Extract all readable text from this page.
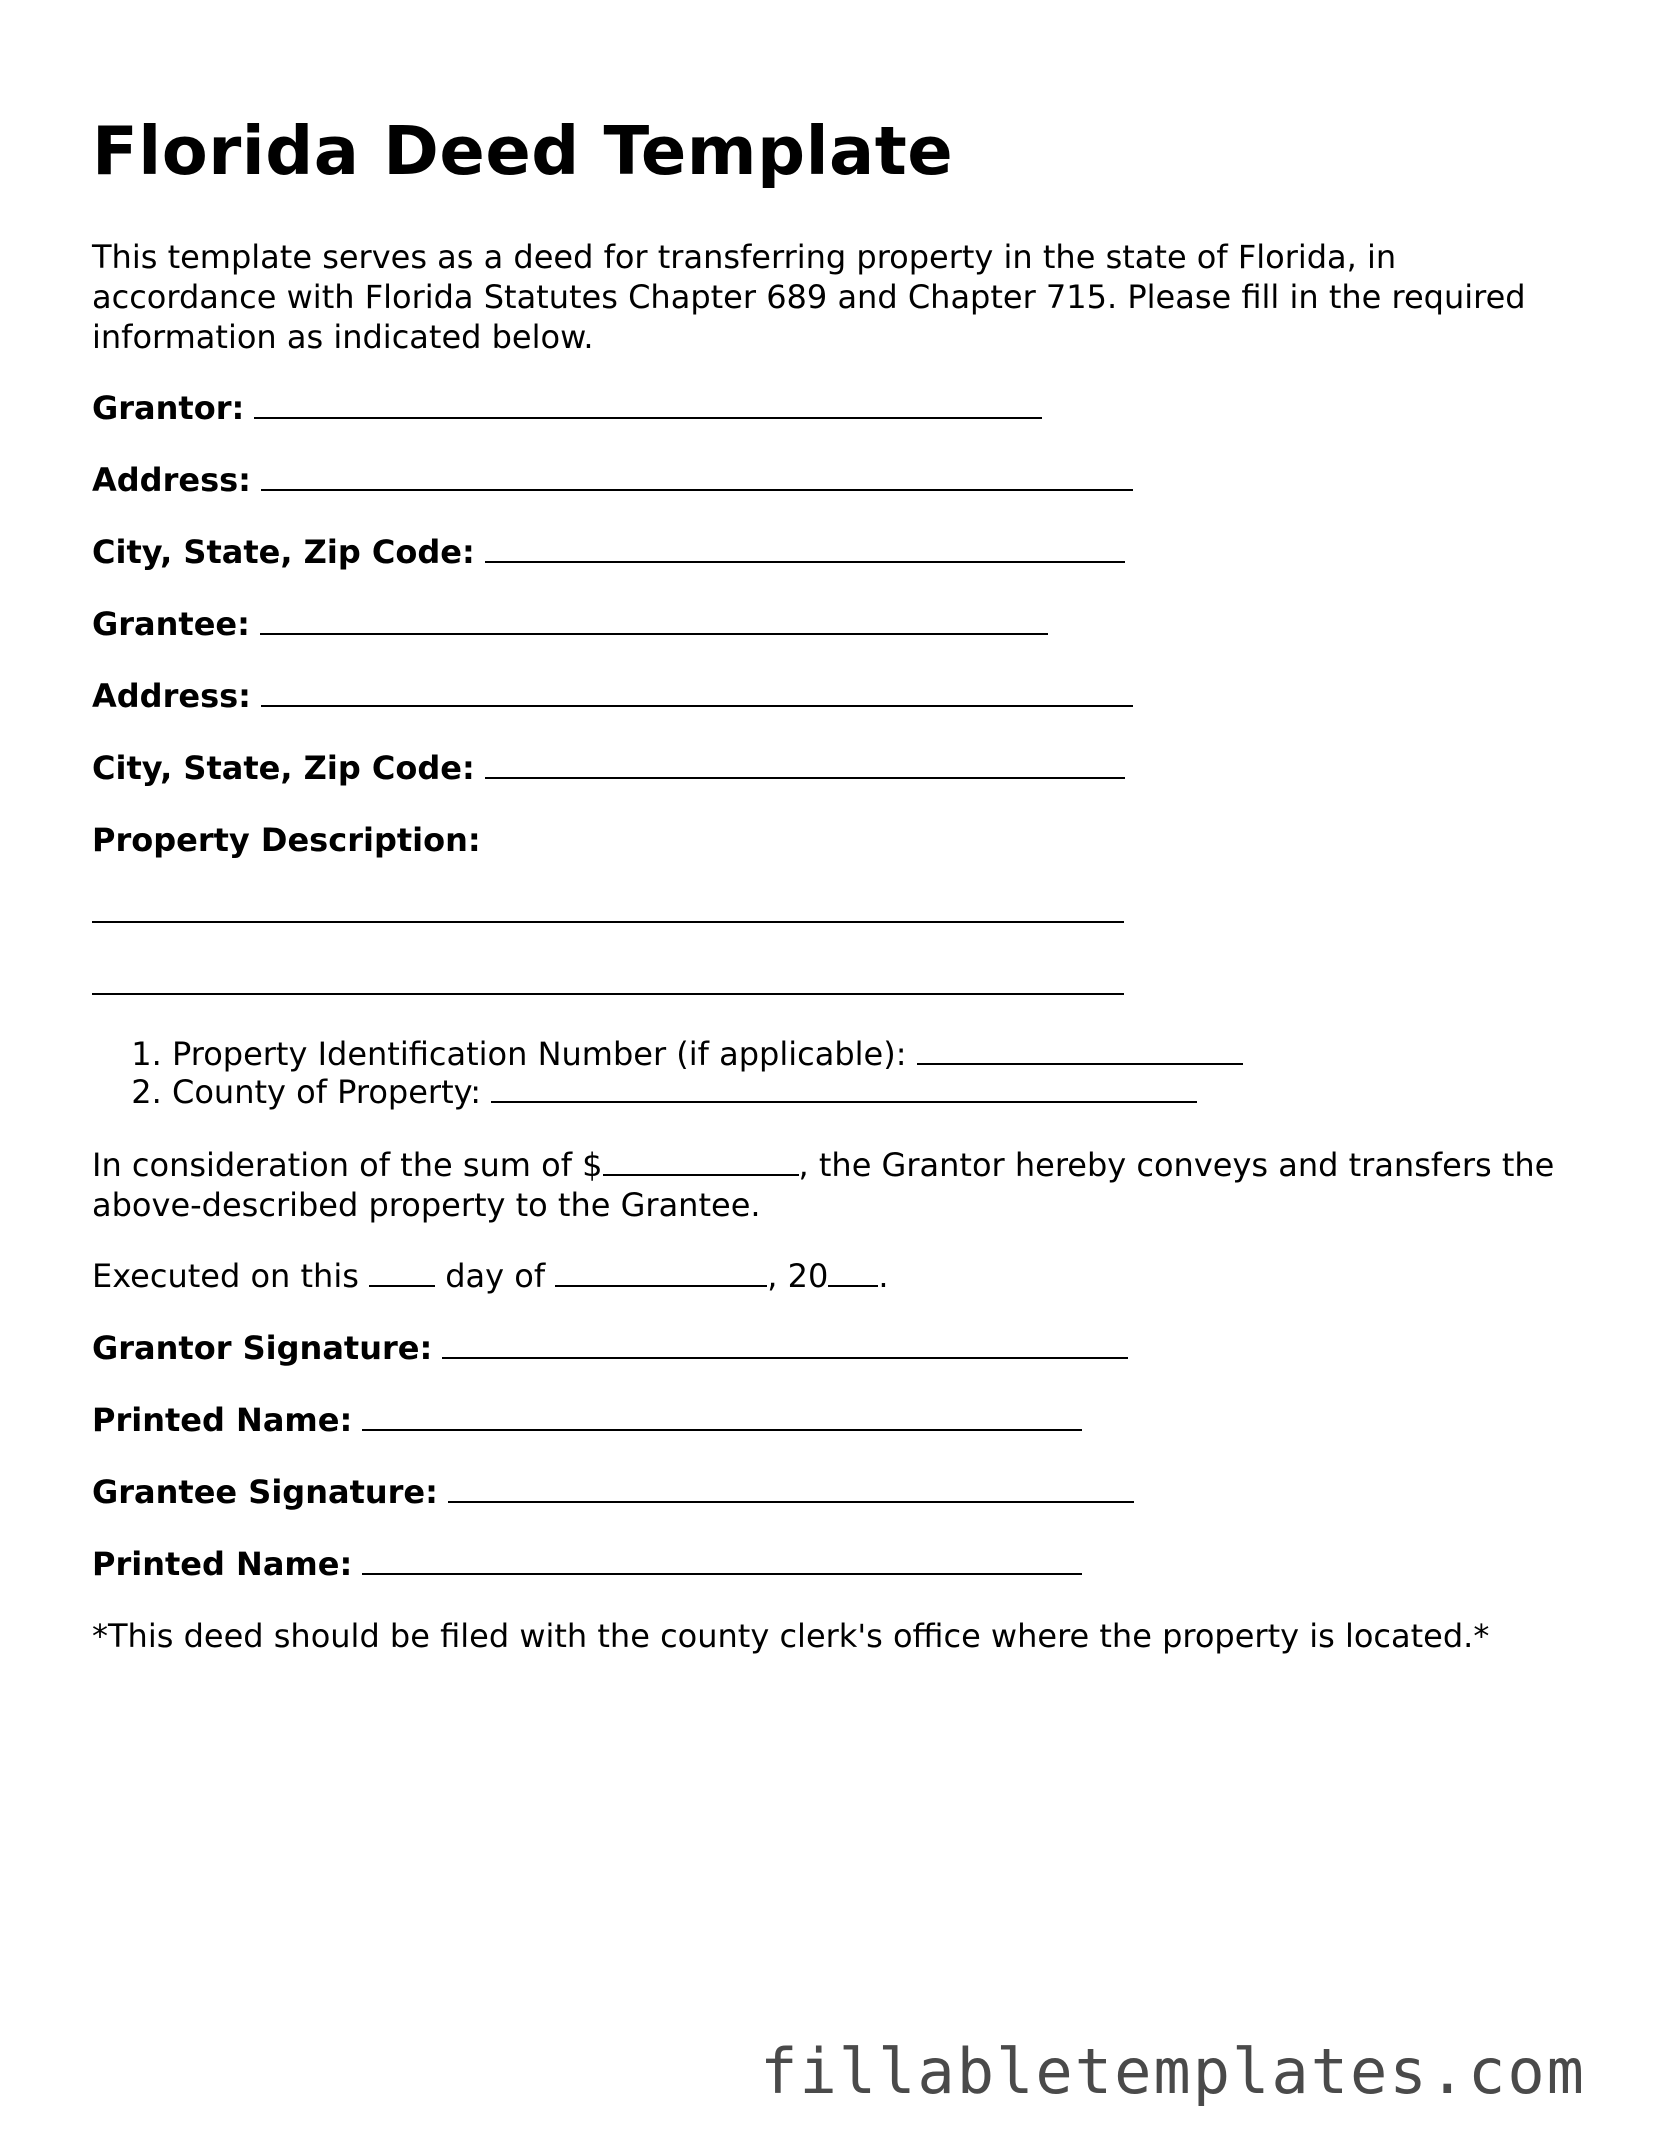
Florida Deed Template

This template serves as a deed for transferring property in the state of Florida, in accordance with Florida Statutes Chapter 689 and Chapter 715. Please fill in the required information as indicated below.

Grantor:
Address:
City, State, Zip Code:
Grantee:
Address:
City, State, Zip Code:
Property Description:
1. Property Identification Number (if applicable):
2. County of Property:

In consideration of the sum of $	, the Grantor hereby conveys and transfers the above-described property to the Grantee.

Executed on this	day of	, 20 .

Grantor Signature:
Printed Name:
Grantee Signature:
Printed Name:
*This deed should be filed with the county clerk's office where the property is located.*
fillabletemplates.com
